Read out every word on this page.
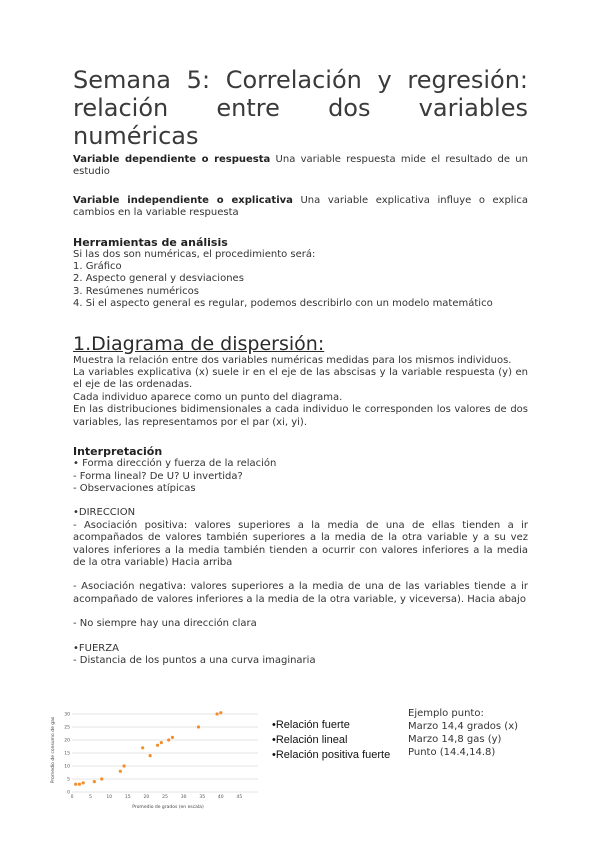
Semana 5: Correlación y regresión:
relación entre dos variables numéricas

Variable dependiente o respuesta Una variable respuesta mide el resultado de un estudio

Variable independiente o explicativa Una variable explicativa influye o explica cambios en la variable respuesta

Herramientas de análisis

Si las dos son numéricas, el procedimiento será:

1. Gráfico
2. Aspecto general y desviaciones
3. Resúmenes numéricos
4. Si el aspecto general es regular, podemos describirlo con un modelo matemático
1.Diagrama de dispersión:

Muestra la relación entre dos variables numéricas medidas para los mismos individuos.

La variables explicativa (x) suele ir en el eje de las abscisas y la variable respuesta (y) en el eje de las ordenadas.

Cada individuo aparece como un punto del diagrama.

En las distribuciones bidimensionales a cada individuo le corresponden los valores de dos variables, las representamos por el par (xi, yi).

Interpretación
• Forma dirección y fuerza de la relación
- Forma lineal? De U? U invertida?
- Observaciones atípicas

•DIRECCION

- Asociación positiva: valores superiores a la media de una de ellas tienden a ir acompañados de valores también superiores a la media de la otra variable y a su vez valores inferiores a la media también tienden a ocurrir con valores inferiores a la media de la otra variable) Hacia arriba

- Asociación negativa: valores superiores a la media de una de las variables tiende a ir acompañado de valores inferiores a la media de la otra variable, y viceversa). Hacia abajo

- No siempre hay una dirección clara

•FUERZA

- Distancia de los puntos a una curva imaginaria

0
5
10
15
20
25
30
0	5	10	15	20	25	30	35	40	45
Promedio de consumo de gas
Promedio de grados (en escala)
•Relación fuerte
•Relación lineal
•Relación positiva fuerte
Ejemplo punto:
Marzo 14,4 grados (x)
Marzo 14,8 gas (y)
Punto (14.4,14.8)
